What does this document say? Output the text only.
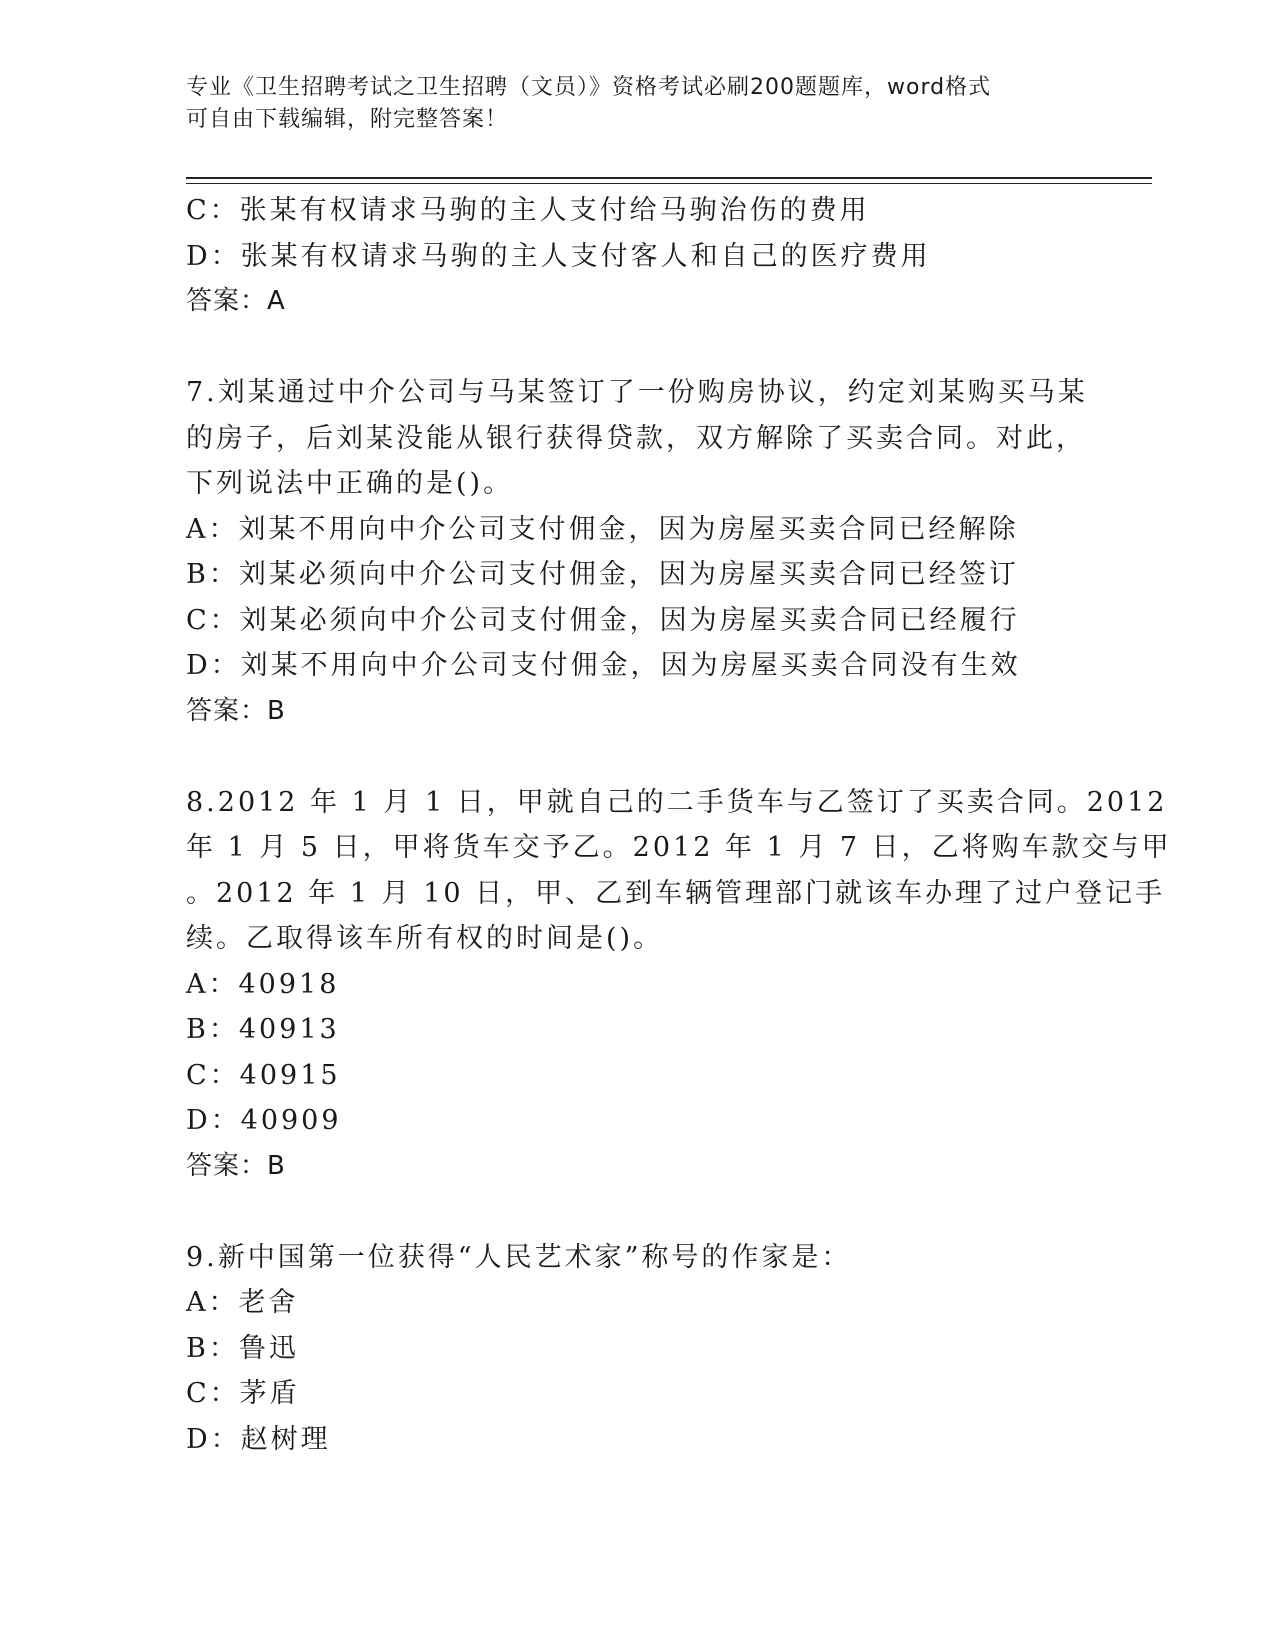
专业《卫生招聘考试之卫生招聘（文员）》资格考试必刷200题题库，word格式
可自由下载编辑，附完整答案！
C：张某有权请求马驹的主人支付给马驹治伤的费用
D：张某有权请求马驹的主人支付客人和自己的医疗费用
答案：A
7.刘某通过中介公司与马某签订了一份购房协议，约定刘某购买马某
的房子，后刘某没能从银行获得贷款，双方解除了买卖合同。对此，
下列说法中正确的是()。
A：刘某不用向中介公司支付佣金，因为房屋买卖合同已经解除
B：刘某必须向中介公司支付佣金，因为房屋买卖合同已经签订
C：刘某必须向中介公司支付佣金，因为房屋买卖合同已经履行
D：刘某不用向中介公司支付佣金，因为房屋买卖合同没有生效
答案：B
8.2012 年 1 月 1 日，甲就自己的二手货车与乙签订了买卖合同。2012
年 1 月 5 日，甲将货车交予乙。2012 年 1 月 7 日，乙将购车款交与甲
。2012 年 1 月 10 日，甲、乙到车辆管理部门就该车办理了过户登记手
续。乙取得该车所有权的时间是()。
A：40918
B：40913
C：40915
D：40909
答案：B
9.新中国第一位获得“人民艺术家”称号的作家是：
A：老舍
B：鲁迅
C：茅盾
D：赵树理
